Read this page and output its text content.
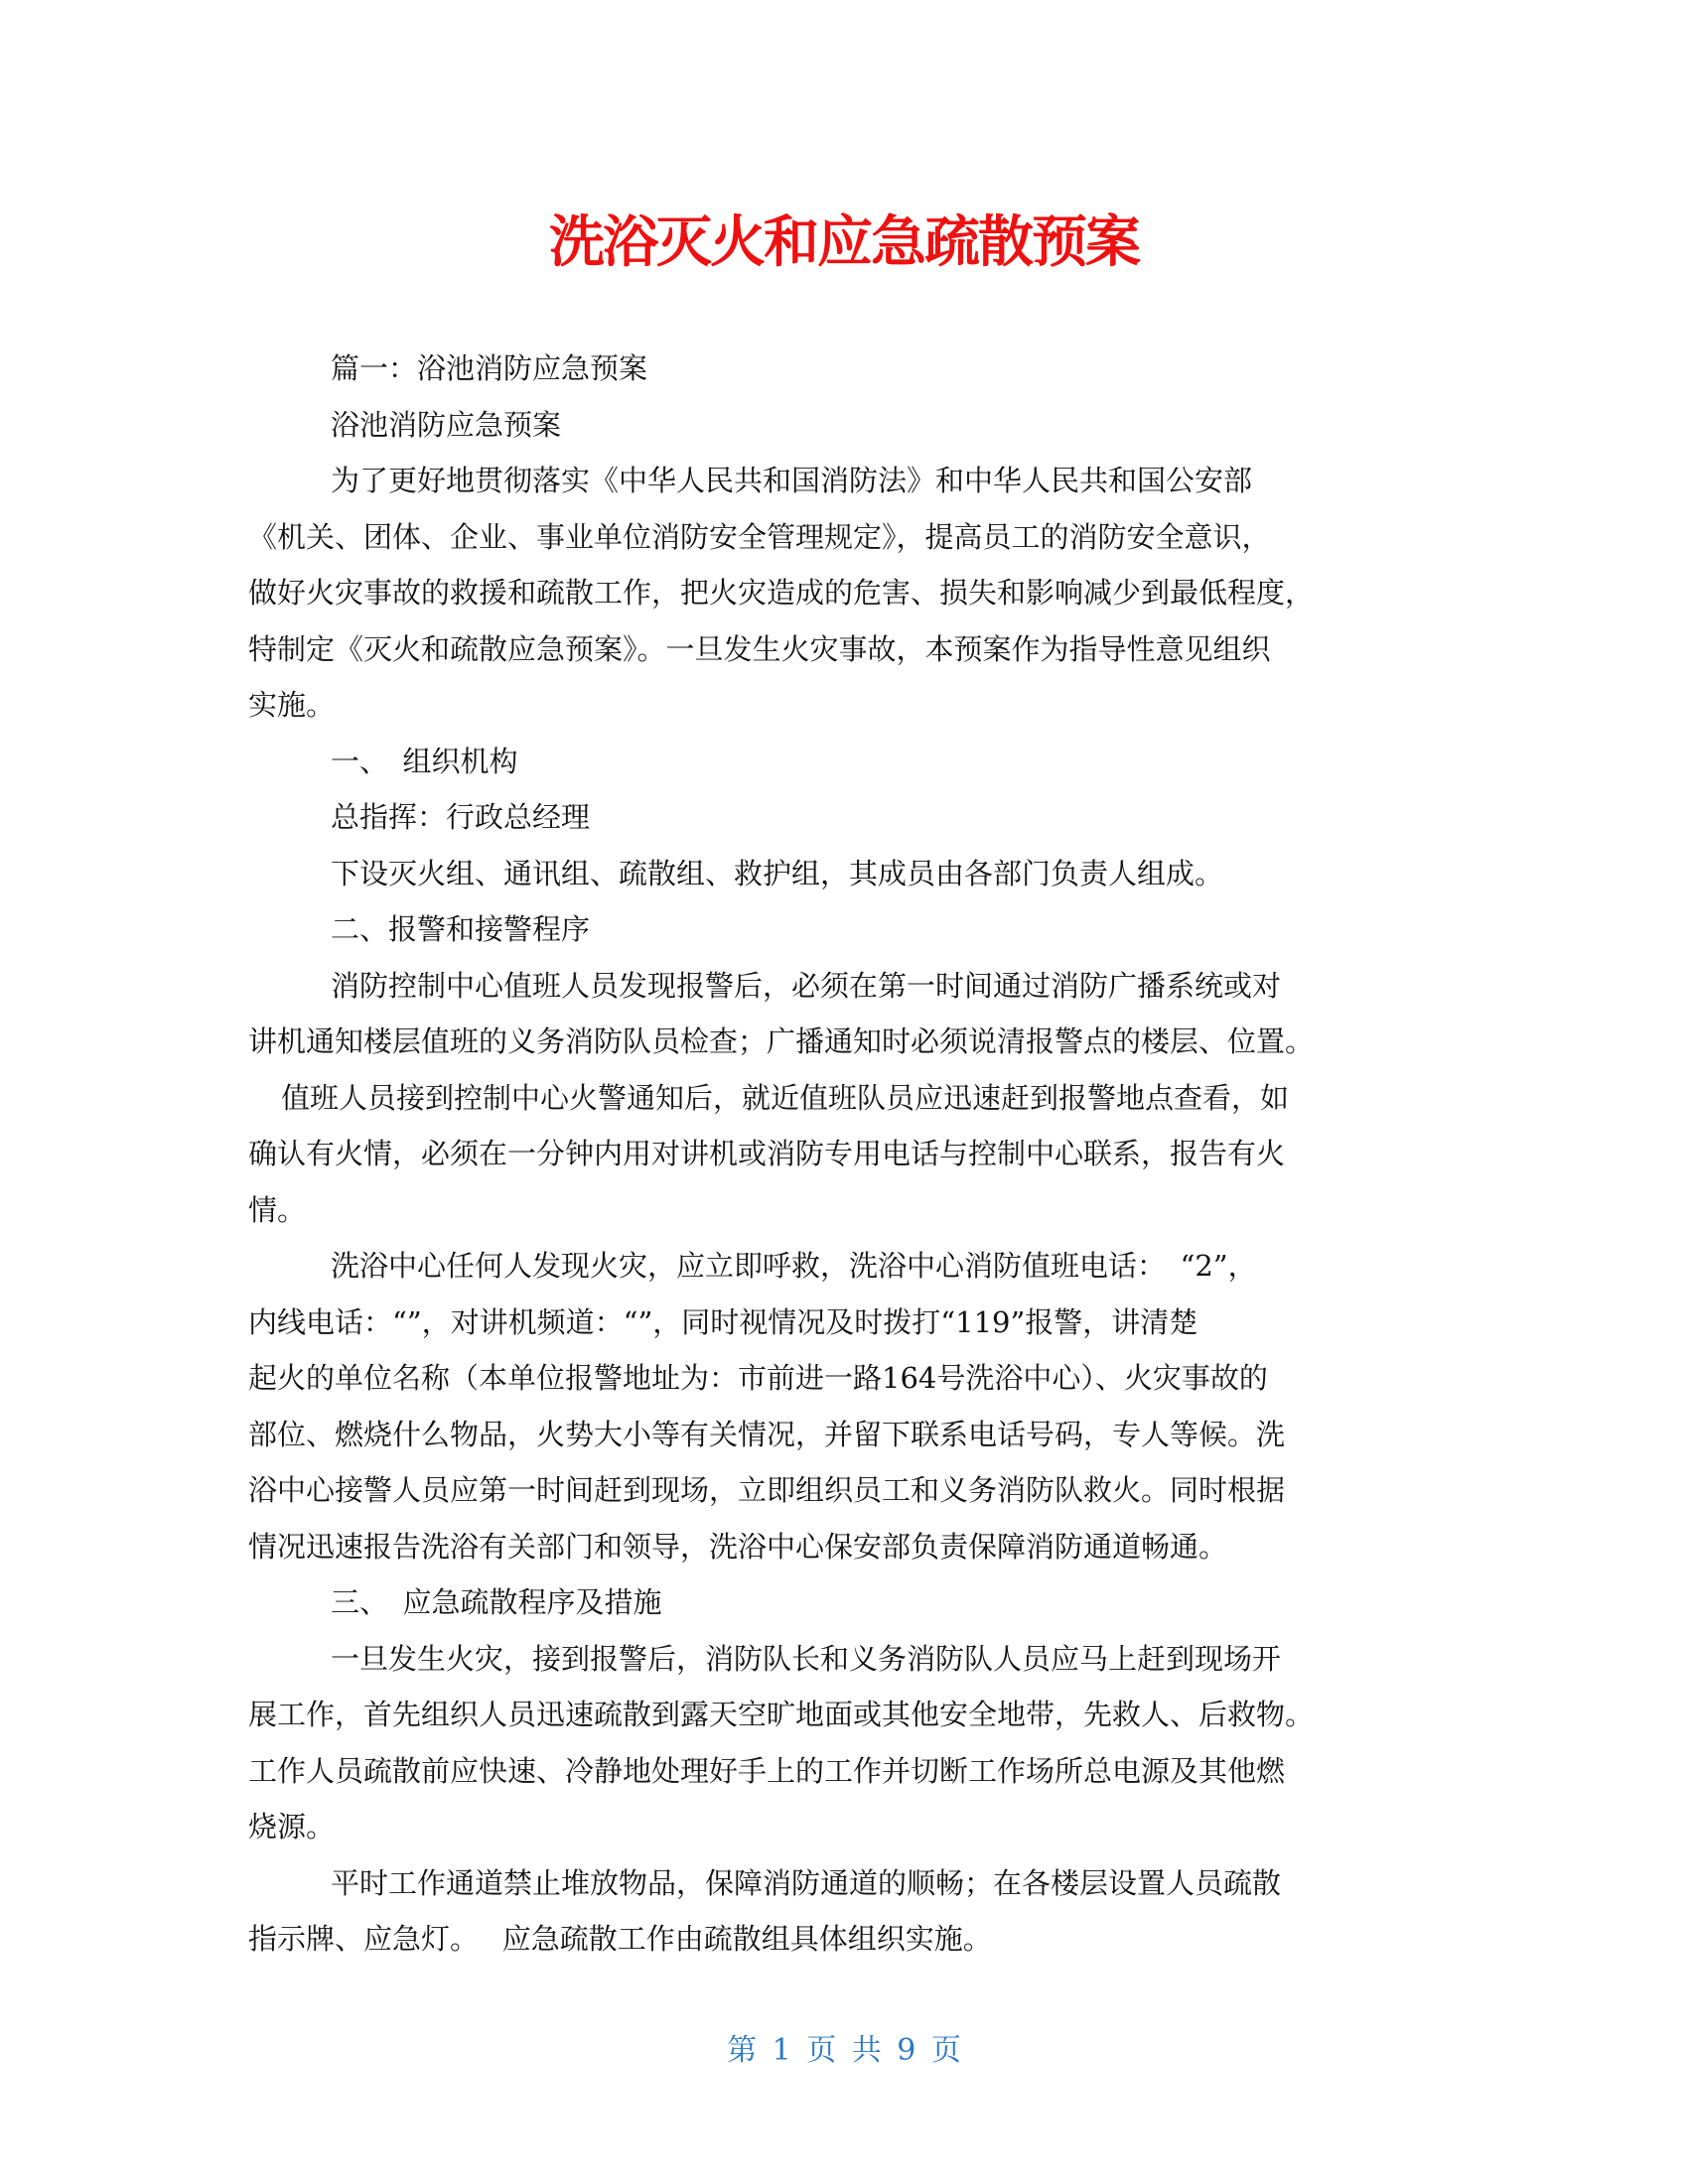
洗浴灭火和应急疏散预案
篇一：浴池消防应急预案
浴池消防应急预案
为了更好地贯彻落实《中华人民共和国消防法》和中华人民共和国公安部
《机关、团体、企业、事业单位消防安全管理规定》，提高员工的消防安全意识，
做好火灾事故的救援和疏散工作，把火灾造成的危害、损失和影响减少到最低程度，
特制定《灭火和疏散应急预案》。一旦发生火灾事故，本预案作为指导性意见组织
实施。
一、　组织机构
总指挥：行政总经理
下设灭火组、通讯组、疏散组、救护组，其成员由各部门负责人组成。
二、报警和接警程序
消防控制中心值班人员发现报警后，必须在第一时间通过消防广播系统或对
讲机通知楼层值班的义务消防队员检查；广播通知时必须说清报警点的楼层、位置。
值班人员接到控制中心火警通知后，就近值班队员应迅速赶到报警地点查看，如
确认有火情，必须在一分钟内用对讲机或消防专用电话与控制中心联系，报告有火
情。
洗浴中心任何人发现火灾，应立即呼救，洗浴中心消防值班电话：　“2”，
内线电话：“”，对讲机频道：“”，同时视情况及时拨打“119”报警，讲清楚
起火的单位名称（本单位报警地址为：市前进一路164号洗浴中心）、火灾事故的
部位、燃烧什么物品，火势大小等有关情况，并留下联系电话号码，专人等候。洗
浴中心接警人员应第一时间赶到现场，立即组织员工和义务消防队救火。同时根据
情况迅速报告洗浴有关部门和领导，洗浴中心保安部负责保障消防通道畅通。
三、　应急疏散程序及措施
一旦发生火灾，接到报警后，消防队长和义务消防队人员应马上赶到现场开
展工作，首先组织人员迅速疏散到露天空旷地面或其他安全地带，先救人、后救物。
工作人员疏散前应快速、冷静地处理好手上的工作并切断工作场所总电源及其他燃
烧源。
平时工作通道禁止堆放物品，保障消防通道的顺畅；在各楼层设置人员疏散
指示牌、应急灯。　 应急疏散工作由疏散组具体组织实施。
第 1 页 共 9 页
